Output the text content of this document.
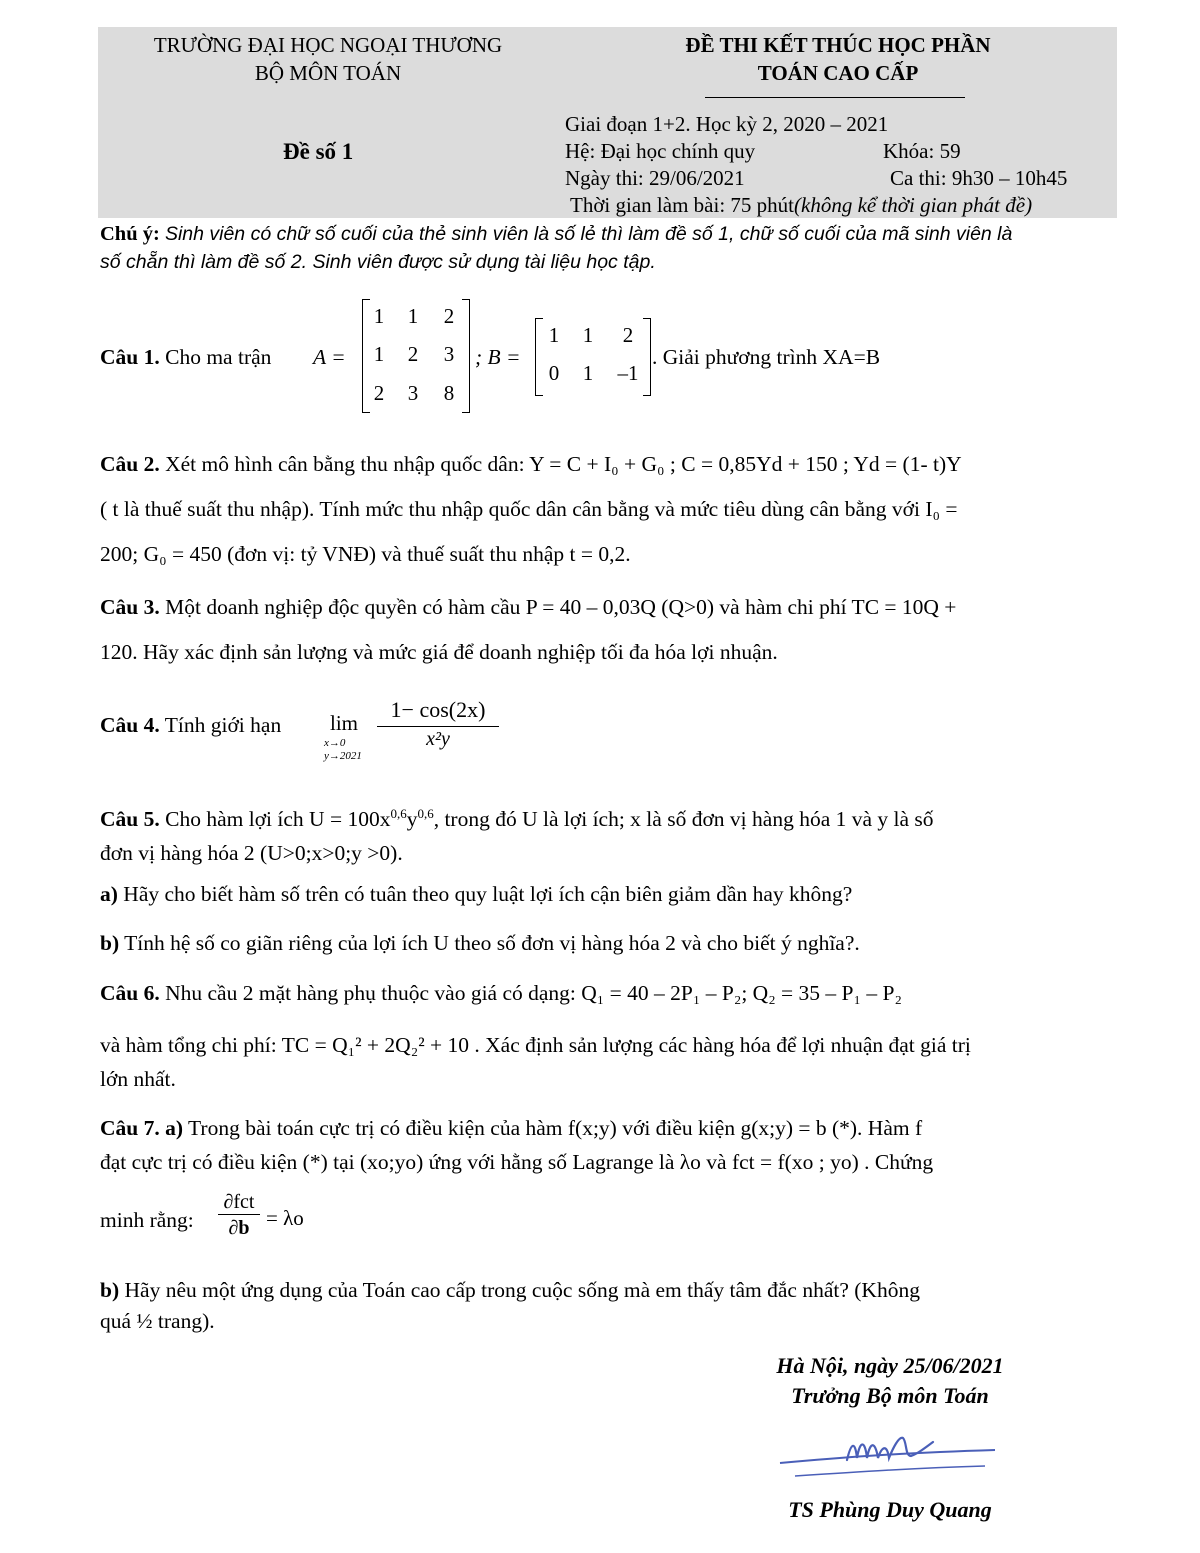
TRƯỜNG ĐẠI HỌC NGOẠI THƯƠNG
BỘ MÔN TOÁN
ĐỀ THI KẾT THÚC HỌC PHẦN
TOÁN CAO CẤP
Đề số 1
Giai đoạn 1+2. Học kỳ 2, 2020 – 2021
Hệ: Đại học chính quy	Khóa: 59
Ngày thi: 29/06/2021	Ca thi: 9h30 – 10h45
Thời gian làm bài: 75 phút(không kể thời gian phát đề)
Chú ý: Sinh viên có chữ số cuối của thẻ sinh viên là số lẻ thì làm đề số 1, chữ số cuối của mã sinh viên là
số chẵn thì làm đề số 2. Sinh viên được sử dụng tài liệu học tập.
Câu 1. Cho ma trận A =
1	1	2
1	2	3
2	3	8
; B =
1	1	2
0	1	–1
. Giải phương trình XA=B
Câu 2. Xét mô hình cân bằng thu nhập quốc dân: Y = C + I₀ + G₀ ; C = 0,85Yd + 150 ; Yd = (1- t)Y
( t là thuế suất thu nhập). Tính mức thu nhập quốc dân cân bằng và mức tiêu dùng cân bằng với I₀ =
200; G₀ = 450 (đơn vị: tỷ VNĐ) và thuế suất thu nhập t = 0,2.
Câu 3. Một doanh nghiệp độc quyền có hàm cầu P = 40 – 0,03Q (Q>0) và hàm chi phí TC = 10Q +
120. Hãy xác định sản lượng và mức giá để doanh nghiệp tối đa hóa lợi nhuận.
Câu 4. Tính giới hạn lim
x→0
y→2021
1− cos(2x)
x²y
Câu 5. Cho hàm lợi ích $U = 100x^{0,6}y^{0,6}$, trong đó U là lợi ích; x là số đơn vị hàng hóa 1 và y là số
đơn vị hàng hóa 2 (U>0;x>0;y >0).
a) Hãy cho biết hàm số trên có tuân theo quy luật lợi ích cận biên giảm dần hay không?
b) Tính hệ số co giãn riêng của lợi ích U theo số đơn vị hàng hóa 2 và cho biết ý nghĩa?.
Câu 6. Nhu cầu 2 mặt hàng phụ thuộc vào giá có dạng: Q₁ = 40 – 2P₁ – P₂; Q₂ = 35 – P₁ – P₂
và hàm tổng chi phí: TC = Q₁² + 2Q₂² + 10 . Xác định sản lượng các hàng hóa để lợi nhuận đạt giá trị
lớn nhất.
Câu 7. a) Trong bài toán cực trị có điều kiện của hàm f(x;y) với điều kiện g(x;y) = b (*). Hàm f
đạt cực trị có điều kiện (*) tại (xo;yo) ứng với hằng số Lagrange là λo và fct = f(xo ; yo) . Chứng
minh rằng:
∂fct
∂b = λo
b) Hãy nêu một ứng dụng của Toán cao cấp trong cuộc sống mà em thấy tâm đắc nhất? (Không
quá ½ trang).
Hà Nội, ngày 25/06/2021
Trưởng Bộ môn Toán
TS Phùng Duy Quang
